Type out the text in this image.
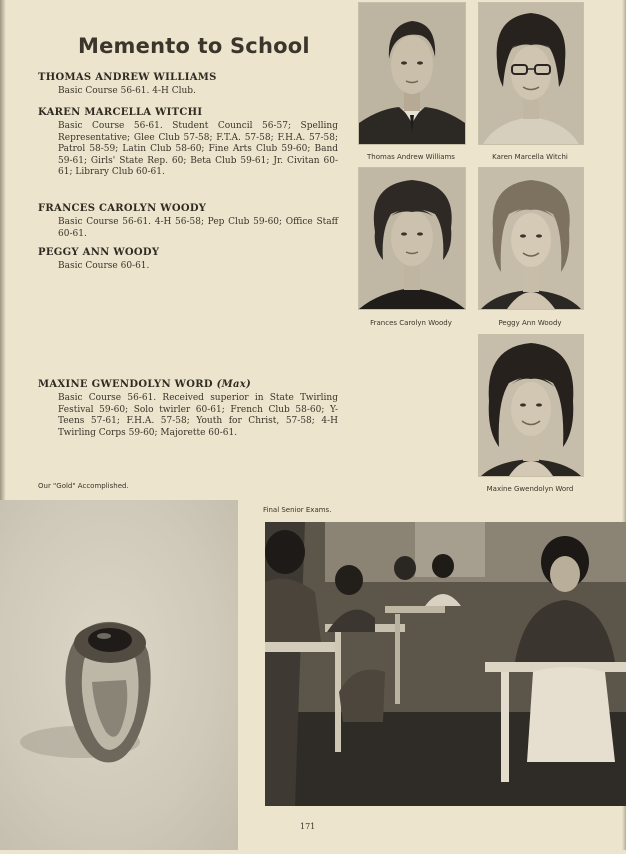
Memento to School
THOMAS ANDREW WILLIAMS
Basic Course 56-61. 4-H Club.
KAREN MARCELLA WITCHI
Basic Course 56-61. Student Council 56-57; Spelling Representative; Glee Club 57-58; F.T.A. 57-58; F.H.A. 57-58; Patrol 58-59; Latin Club 58-60; Fine Arts Club 59-60; Band 59-61; Girls' State Rep. 60; Beta Club 59-61; Jr. Civitan 60-61; Library Club 60-61.
FRANCES CAROLYN WOODY
Basic Course 56-61. 4-H 56-58; Pep Club 59-60; Office Staff 60-61.
PEGGY ANN WOODY
Basic Course 60-61.
MAXINE GWENDOLYN WORD (Max)
Basic Course 56-61. Received superior in State Twirling Festival 59-60; Solo twirler 60-61; French Club 58-60; Y-Teens 57-61; F.H.A. 57-58; Youth for Christ, 57-58; 4-H Twirling Corps 59-60; Majorette 60-61.
Thomas Andrew Williams	Karen Marcella Witchi
Frances Carolyn Woody	Peggy Ann Woody
Maxine Gwendolyn Word
Our "Gold" Accomplished.
Final Senior Exams.
171
